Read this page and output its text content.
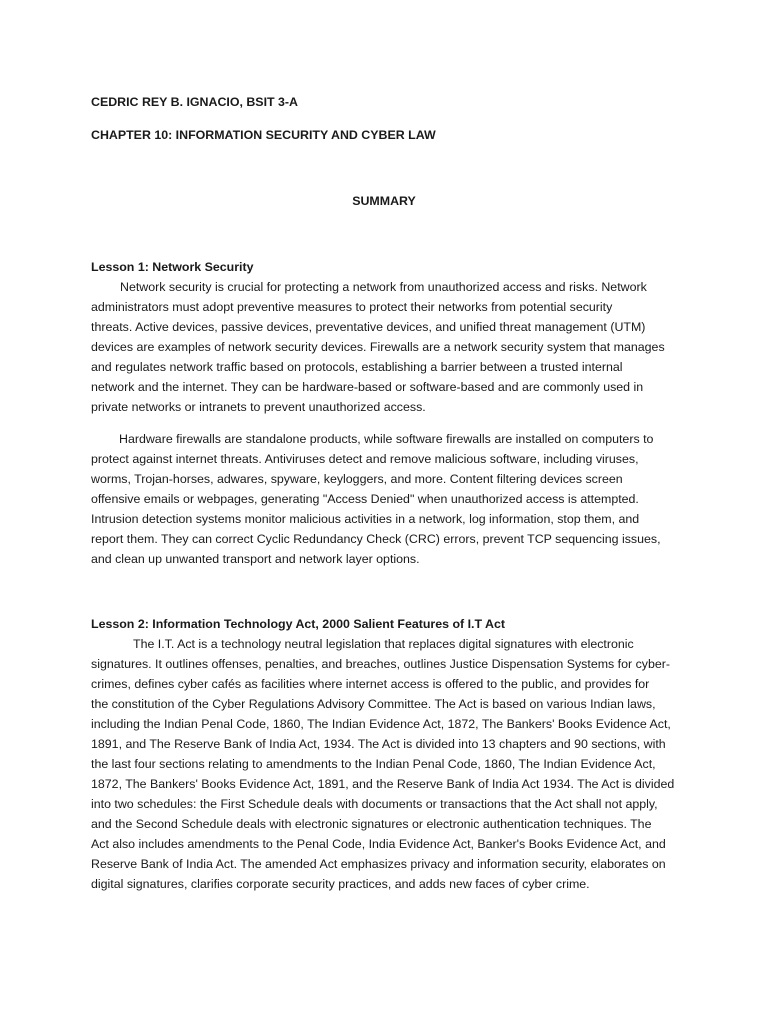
CEDRIC REY B. IGNACIO, BSIT 3-A

CHAPTER 10: INFORMATION SECURITY AND CYBER LAW

SUMMARY

Lesson 1: Network Security

Network security is crucial for protecting a network from unauthorized access and risks. Network

administrators must adopt preventive measures to protect their networks from potential security

threats. Active devices, passive devices, preventative devices, and unified threat management (UTM)

devices are examples of network security devices. Firewalls are a network security system that manages

and regulates network traffic based on protocols, establishing a barrier between a trusted internal

network and the internet. They can be hardware-based or software-based and are commonly used in

private networks or intranets to prevent unauthorized access.

Hardware firewalls are standalone products, while software firewalls are installed on computers to

protect against internet threats. Antiviruses detect and remove malicious software, including viruses,

worms, Trojan-horses, adwares, spyware, keyloggers, and more. Content filtering devices screen

offensive emails or webpages, generating "Access Denied" when unauthorized access is attempted.

Intrusion detection systems monitor malicious activities in a network, log information, stop them, and

report them. They can correct Cyclic Redundancy Check (CRC) errors, prevent TCP sequencing issues,

and clean up unwanted transport and network layer options.

Lesson 2: Information Technology Act, 2000 Salient Features of I.T Act

The I.T. Act is a technology neutral legislation that replaces digital signatures with electronic

signatures. It outlines offenses, penalties, and breaches, outlines Justice Dispensation Systems for cyber-

crimes, defines cyber cafés as facilities where internet access is offered to the public, and provides for

the constitution of the Cyber Regulations Advisory Committee. The Act is based on various Indian laws,

including the Indian Penal Code, 1860, The Indian Evidence Act, 1872, The Bankers' Books Evidence Act,

1891, and The Reserve Bank of India Act, 1934. The Act is divided into 13 chapters and 90 sections, with

the last four sections relating to amendments to the Indian Penal Code, 1860, The Indian Evidence Act,

1872, The Bankers' Books Evidence Act, 1891, and the Reserve Bank of India Act 1934. The Act is divided

into two schedules: the First Schedule deals with documents or transactions that the Act shall not apply,

and the Second Schedule deals with electronic signatures or electronic authentication techniques. The

Act also includes amendments to the Penal Code, India Evidence Act, Banker's Books Evidence Act, and

Reserve Bank of India Act. The amended Act emphasizes privacy and information security, elaborates on

digital signatures, clarifies corporate security practices, and adds new faces of cyber crime.
